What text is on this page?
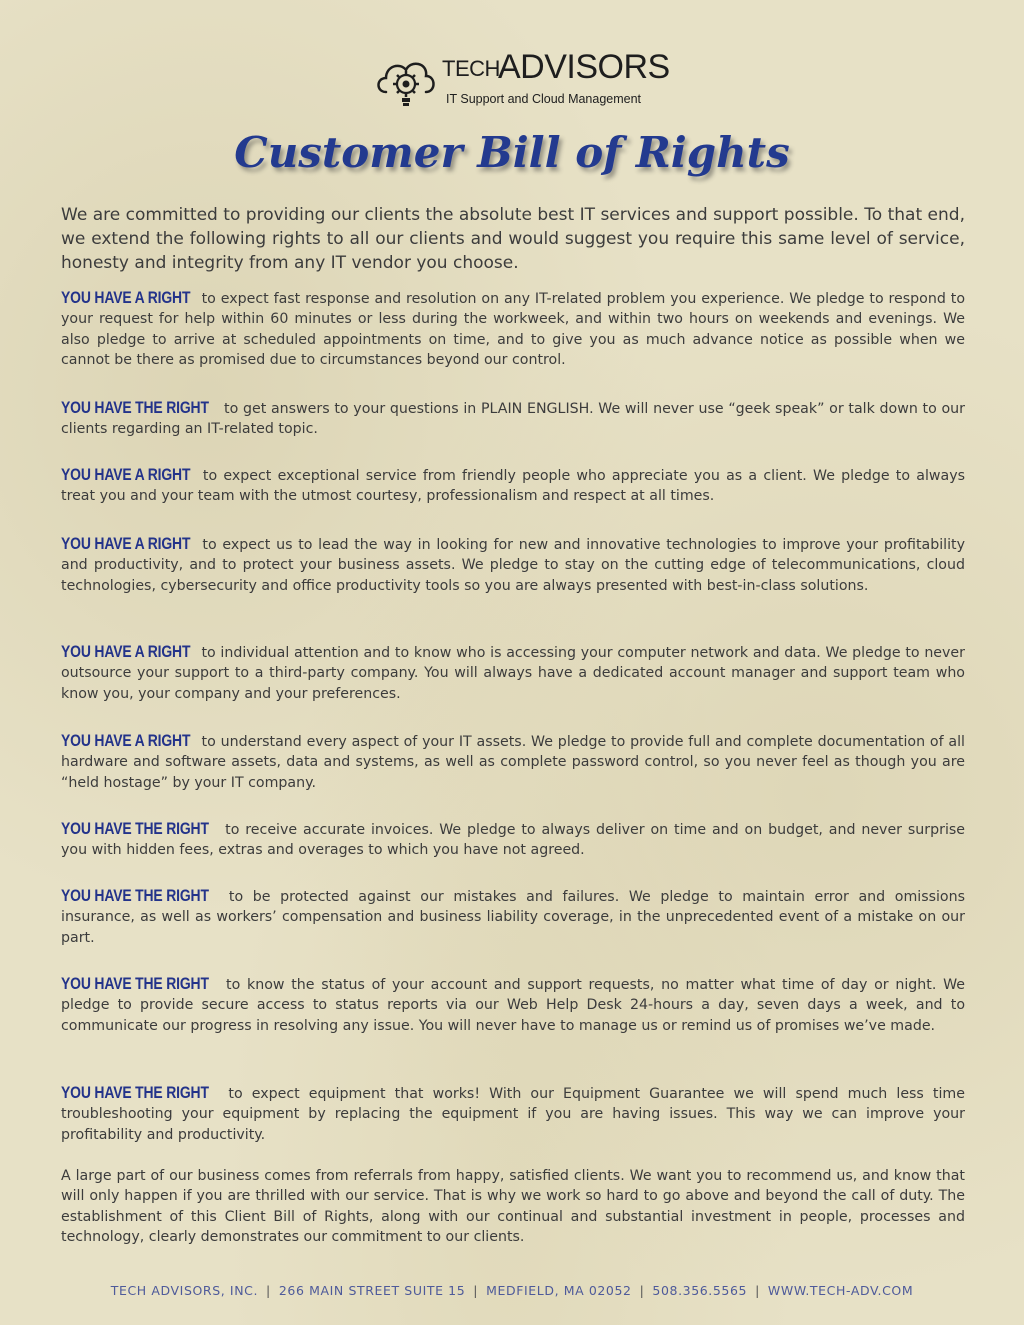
TECH
ADVISORS
IT Support and Cloud Management
Customer Bill of Rights

We are committed to providing our clients the absolute best IT services and support possible. To that end, we extend the following rights to all our clients and would suggest you require this same level of service, honesty and integrity from any IT vendor you choose.

YOU HAVE A RIGHT to expect fast response and resolution on any IT-related problem you experience. We pledge to respond to your request for help within 60 minutes or less during the workweek, and within two hours on weekends and evenings. We also pledge to arrive at scheduled appointments on time, and to give you as much advance notice as possible when we cannot be there as promised due to circumstances beyond our control.

YOU HAVE THE RIGHT to get answers to your questions in PLAIN ENGLISH. We will never use “geek speak” or talk down to our clients regarding an IT-related topic.

YOU HAVE A RIGHT to expect exceptional service from friendly people who appreciate you as a client. We pledge to always treat you and your team with the utmost courtesy, professionalism and respect at all times.

YOU HAVE A RIGHT to expect us to lead the way in looking for new and innovative technologies to improve your profitability and productivity, and to protect your business assets. We pledge to stay on the cutting edge of telecommunications, cloud technologies, cybersecurity and office productivity tools so you are always presented with best-in-class solutions.

YOU HAVE A RIGHT to individual attention and to know who is accessing your computer network and data. We pledge to never outsource your support to a third-party company. You will always have a dedicated account manager and support team who know you, your company and your preferences.

YOU HAVE A RIGHT to understand every aspect of your IT assets. We pledge to provide full and complete documentation of all hardware and software assets, data and systems, as well as complete password control, so you never feel as though you are “held hostage” by your IT company.

YOU HAVE THE RIGHT to receive accurate invoices. We pledge to always deliver on time and on budget, and never surprise you with hidden fees, extras and overages to which you have not agreed.

YOU HAVE THE RIGHT to be protected against our mistakes and failures. We pledge to maintain error and omissions insurance, as well as workers’ compensation and business liability coverage, in the unprecedented event of a mistake on our part.

YOU HAVE THE RIGHT to know the status of your account and support requests, no matter what time of day or night. We pledge to provide secure access to status reports via our Web Help Desk 24-hours a day, seven days a week, and to communicate our progress in resolving any issue. You will never have to manage us or remind us of promises we’ve made.

YOU HAVE THE RIGHT to expect equipment that works! With our Equipment Guarantee we will spend much less time troubleshooting your equipment by replacing the equipment if you are having issues. This way we can improve your profitability and productivity.

A large part of our business comes from referrals from happy, satisfied clients. We want you to recommend us, and know that will only happen if you are thrilled with our service. That is why we work so hard to go above and beyond the call of duty. The establishment of this Client Bill of Rights, along with our continual and substantial investment in people, processes and technology, clearly demonstrates our commitment to our clients.

TECH ADVISORS, INC. | 266 MAIN STREET SUITE 15 | MEDFIELD, MA 02052 | 508.356.5565 | WWW.TECH-ADV.COM
